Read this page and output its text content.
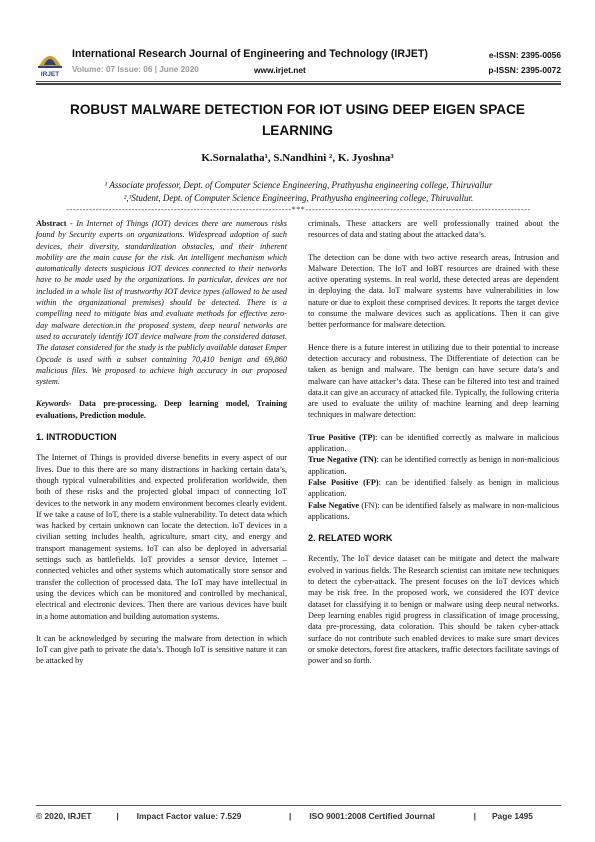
IRJET
International Research Journal of Engineering and Technology (IRJET)
Volume: 07 Issue: 06 | June 2020	www.irjet.net
e-ISSN: 2395-0056
p-ISSN: 2395-0072
ROBUST MALWARE DETECTION FOR IOT USING DEEP EIGEN SPACE LEARNING
K.Sornalatha¹, S.Nandhini ², K. Jyoshna³
¹ Associate professor, Dept. of Computer Science Engineering, Prathyusha engineering college, Thiruvallur
²,³Student, Dept. of Computer Science Engineering, Prathyusha engineering college, Thiruvallur.
---------------------------------------------------------------------***---------------------------------------------------------------------

Abstract - In Internet of Things (IOT) devices there are numerous risks found by Security experts on organizations. Widespread adoption of such devices, their diversity, standardization obstacles, and their inherent mobility are the main cause for the risk. An intelligent mechanism which automatically detects suspicious IOT devices connected to their networks have to be made used by the organizations. In particular, devices are not included in a whole list of trustworthy IOT device types (allowed to be used within the organizational premises) should be detected. There is a compelling need to mitigate bias and evaluate methods for effective zero-day malware detection.in the proposed system, deep neural networks are used to accurately identify IOT device malware from the considered dataset. The dataset considered for the study is the publicly available dataset Emper Opcode is used with a subset containing 70,410 benign and 69,860 malicious files. We proposed to achieve high accuracy in our proposed system.

Keywords- Data pre-processing, Deep learning model, Training evaluations, Prediction module.

1. INTRODUCTION

The Internet of Things is provided diverse benefits in every aspect of our lives. Due to this there are so many distractions in hacking certain data’s, though typical vulnerabilities and expected proliferation worldwide, then both of these risks and the projected global impact of connecting IoT devices to the network in any modern environment becomes clearly evident. If we take a cause of IoT, there is a stable vulnerability. To detect data which was hacked by certain unknown can locate the detection. IoT devices in a civilian setting includes health, agriculture, smart city, and energy and transport management systems. IoT can also be deployed in adversarial settings such as battlefields. IoT provides a sensor device, Internet –connected vehicles and other systems which automatically store sensor and transfer the collection of processed data. The IoT may have intellectual in using the devices which can be monitored and controlled by mechanical, electrical and electronic devices. Then there are various devices have built in a home automation and building automation systems.

It can be acknowledged by securing the malware from detection in which IoT can give path to private the data’s. Though IoT is sensitive nature it can be attacked by

criminals. These attackers are well professionally trained about the resources of data and stating about the attacked data’s.

The detection can be done with two active research areas, Intrusion and Malware Detection. The IoT and IoBT resources are drained with these active operating systems. In real world, these detected areas are dependent in deploying the data. IoT malware systems have vulnerabilities in low nature or due to exploit these comprised devices. It reports the target device to consume the malware devices such as applications. Then it can give better performance for malware detection.

Hence there is a future interest in utilizing due to their potential to increase detection accuracy and robustness. The Differentiate of detection can be taken as benign and malware. The benign can have secure data’s and malware can have attacker’s data. These can be filtered into test and trained data.it can give an accuracy of attacked file. Typically, the following criteria are used to evaluate the utility of machine learning and deep learning techniques in malware detection:

True Positive (TP): can be identified correctly as malware in malicious application.

True Negative (TN): can be identified correctly as benign in non-malicious application.

False Positive (FP): can be identified falsely as benign in malicious application.

False Negative (FN): can be identified falsely as malware in non-malicious applications.

2. RELATED WORK

Recently, The IoT device dataset can be mitigate and detect the malware evolved in various fields. The Research scientist can imitate new techniques to detect the cyber-attack. The present focuses on the IoT devices which may be risk free. In the proposed work, we considered the IOT device dataset for classifying it to benign or malware using deep neural networks. Deep learning enables rigid progress in classification of image processing, data pre-processing, data coloration. This should be taken cyber-attack surface do not contribute such enabled devices to make sure smart devices or smoke detectors, forest fire attackers, traffic detectors facilitate savings of power and so forth.

© 2020, IRJET	| Impact Factor value: 7.529	| ISO 9001:2008 Certified Journal	| Page 1495
